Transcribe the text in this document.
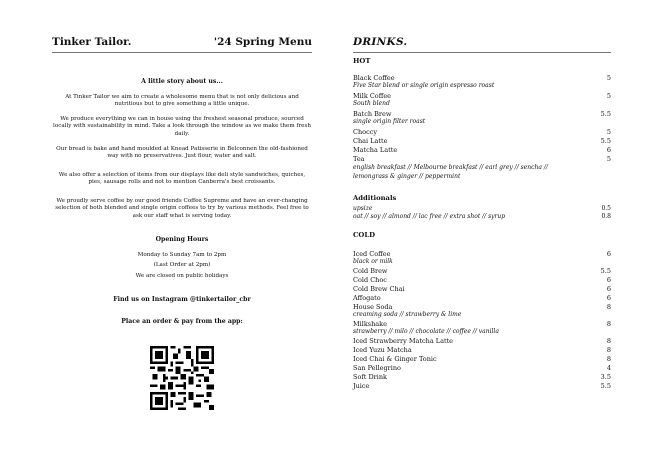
Tinker Tailor.	'24 Spring Menu
A little story about us...

At Tinker Tailor we aim to create a wholesome menu that is not only delicious and nutritious but to give something a little unique.

We produce everything we can in house using the freshest seasonal produce, sourced locally with sustainability in mind. Take a look through the window as we make them fresh daily.

Our bread is bake and hand moulded at Knead Patisserie in Belconnen the old-fashioned way with no preservatives. Just flour, water and salt.

We also offer a selection of items from our displays like deli style sandwiches, quiches, pies, sausage rolls and not to mention Canberra's best croissants.

We proudly serve coffee by our good friends Coffee Supreme and have an ever-changing selection of both blended and single origin coffees to try by various methods. Feel free to ask our staff what is serving today.

Opening Hours
Monday to Sunday 7am to 2pm
(Last Order at 2pm)
We are closed on public holidays
Find us on Instagram @tinkertailor_cbr
Place an order & pay from the app:
DRINKS.
HOT
Black Coffee	5
Five Star blend or single origin espresso roast
Milk Coffee	5
South blend
Batch Brew	5.5
single origin filter roast
Choccy	5
Chai Latte	5.5
Matcha Latte	6
Tea	5
english breakfast // Melbourne breakfast // earl grey // sencha //
lemongrass & ginger // peppermint
Additionals
upsize	0.5
oat // soy // almond // lac free // extra shot // syrup	0.8
COLD
Iced Coffee	6
black or milk
Cold Brew	5.5
Cold Choc	6
Cold Brew Chai	6
Affogato	6
House Soda	8
creaming soda // strawberry & lime
Milkshake	8
strawberry // milo // chocolate // coffee // vanilla
Iced Strawberry Matcha Latte	8
Iced Yuzu Matcha	8
Iced Chai & Ginger Tonic	8
San Pellegrino	4
Soft Drink	3.5
Juice	5.5
